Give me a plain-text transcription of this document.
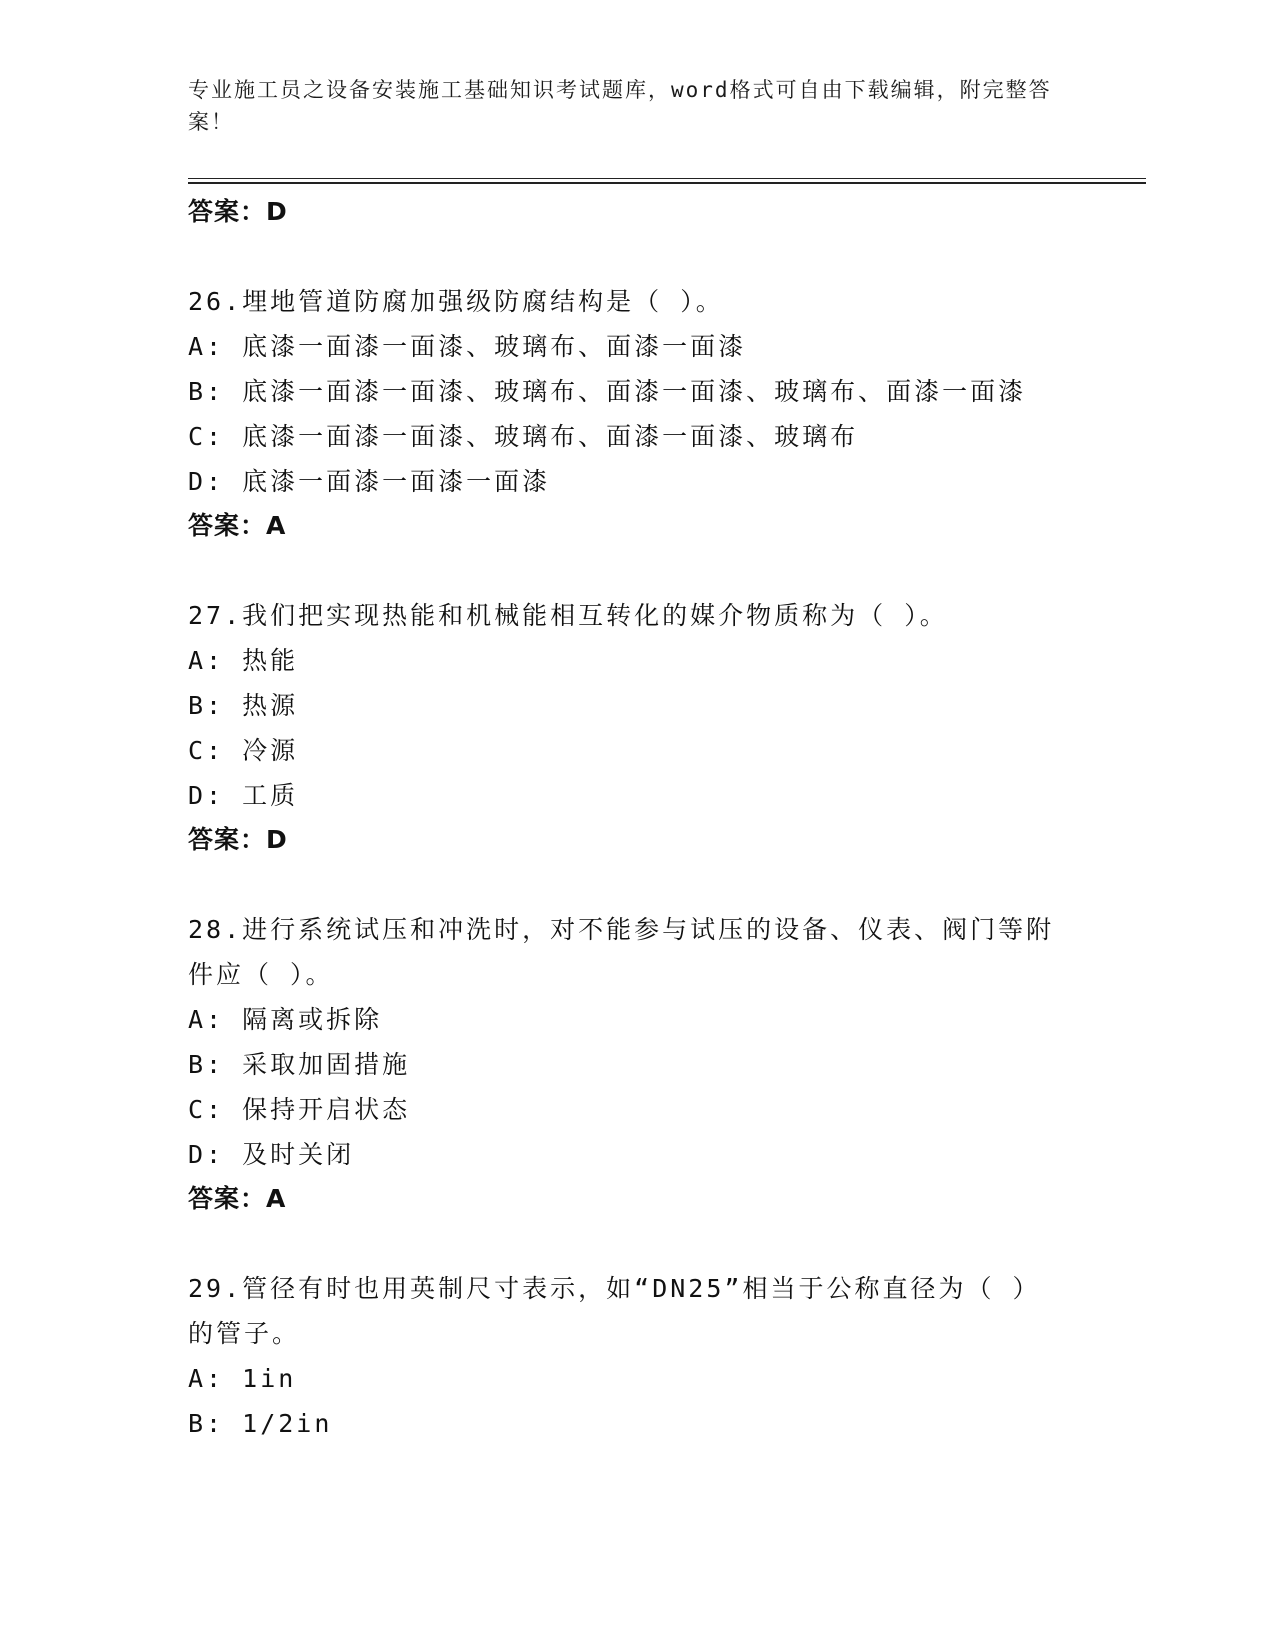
专业施工员之设备安装施工基础知识考试题库，word格式可自由下载编辑，附完整答案！
答案：D
26.埋地管道防腐加强级防腐结构是（ ）。
A: 底漆一面漆一面漆、玻璃布、面漆一面漆
B: 底漆一面漆一面漆、玻璃布、面漆一面漆、玻璃布、面漆一面漆
C: 底漆一面漆一面漆、玻璃布、面漆一面漆、玻璃布
D: 底漆一面漆一面漆一面漆
答案：A
27.我们把实现热能和机械能相互转化的媒介物质称为（ ）。
A: 热能
B: 热源
C: 冷源
D: 工质
答案：D
28.进行系统试压和冲洗时，对不能参与试压的设备、仪表、阀门等附件应（ ）。
A: 隔离或拆除
B: 采取加固措施
C: 保持开启状态
D: 及时关闭
答案：A
29.管径有时也用英制尺寸表示，如“DN25”相当于公称直径为（ ）的管子。
A: 1in
B: 1/2in
